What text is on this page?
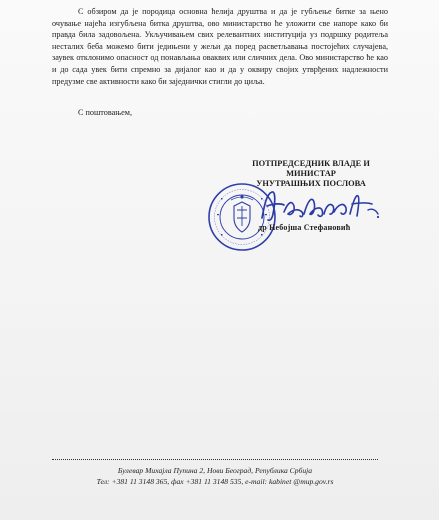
С обзиром да је породица основна ћелија друштва и да је губљење битке за њено очување најећа изгубљена битка друштва, ово министарство ће уложити све напоре како би правда била задовољена. Укључивањем свих релевантних институција уз подршку родитеља несталих беба можемо бити једињени у жељи да поред расветљавања постојећих случајева, заувек отклонимо опасност од понављања оваквих или сличних дела. Ово министарство ће као и до сада увек бити спремно за дијалог као и да у оквиру својих утврђених надлежности предузме све активности како би заједнички стигли до циља.

С поштовањем,
ПОТПРЕДСЕДНИК ВЛАДЕ И
МИНИСТАР
УНУТРАШЊИХ ПОСЛОВА
др Небојша Стефановић
Булевар Михајла Пупина 2, Нови Београд, Република Србија
Тел: +381 11 3148 365, фаx +381 11 3148 535, e-mail: kabinet @mup.gov.rs
